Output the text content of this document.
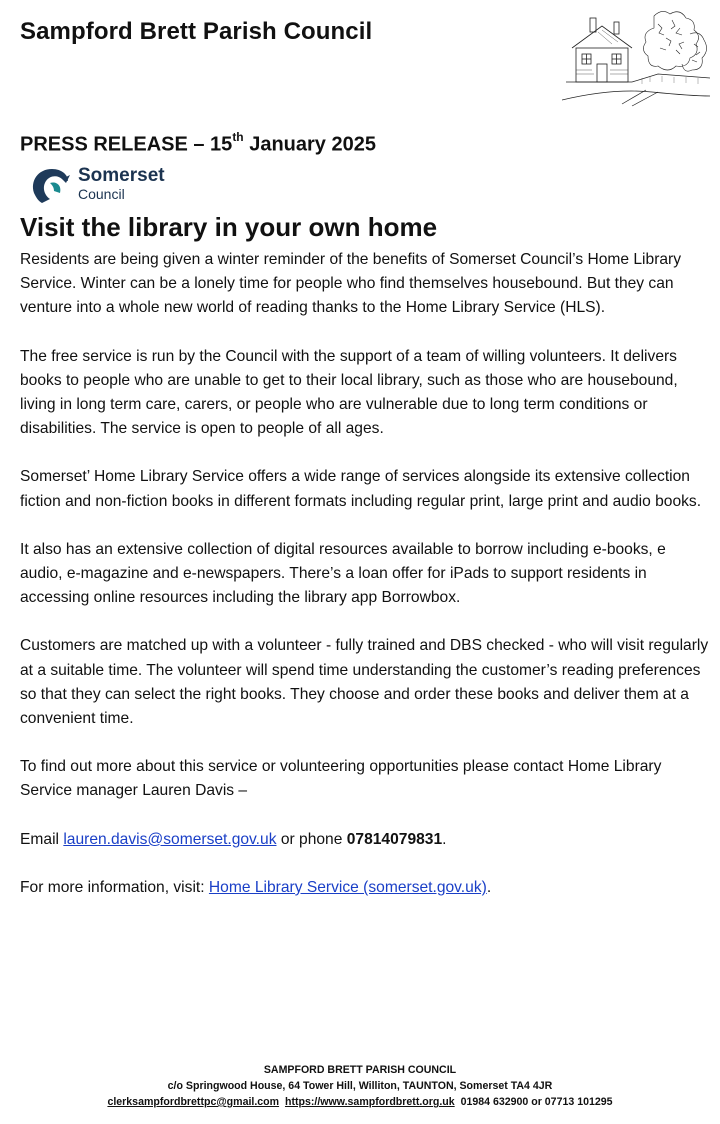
Sampford Brett Parish Council
PRESS RELEASE – 15th January 2025
Somerset
Council
Visit the library in your own home

Residents are being given a winter reminder of the benefits of Somerset Council’s Home Library Service. Winter can be a lonely time for people who find themselves housebound. But they can venture into a whole new world of reading thanks to the Home Library Service (HLS).

The free service is run by the Council with the support of a team of willing volunteers. It delivers books to people who are unable to get to their local library, such as those who are housebound, living in long term care, carers, or people who are vulnerable due to long term conditions or disabilities. The service is open to people of all ages.

Somerset’ Home Library Service offers a wide range of services alongside its extensive collection fiction and non-fiction books in different formats including regular print, large print and audio books.

It also has an extensive collection of digital resources available to borrow including e-books, e audio, e-magazine and e-newspapers. There’s a loan offer for iPads to support residents in accessing online resources including the library app Borrowbox.

Customers are matched up with a volunteer - fully trained and DBS checked - who will visit regularly at a suitable time. The volunteer will spend time understanding the customer’s reading preferences so that they can select the right books. They choose and order these books and deliver them at a convenient time.

To find out more about this service or volunteering opportunities please contact Home Library Service manager Lauren Davis –

Email lauren.davis@somerset.gov.uk or phone 07814079831.

For more information, visit: Home Library Service (somerset.gov.uk).

SAMPFORD BRETT PARISH COUNCIL
c/o Springwood House, 64 Tower Hill, Williton, TAUNTON, Somerset TA4 4JR
clerksampfordbrettpc@gmail.com https://www.sampfordbrett.org.uk 01984 632900 or 07713 101295
